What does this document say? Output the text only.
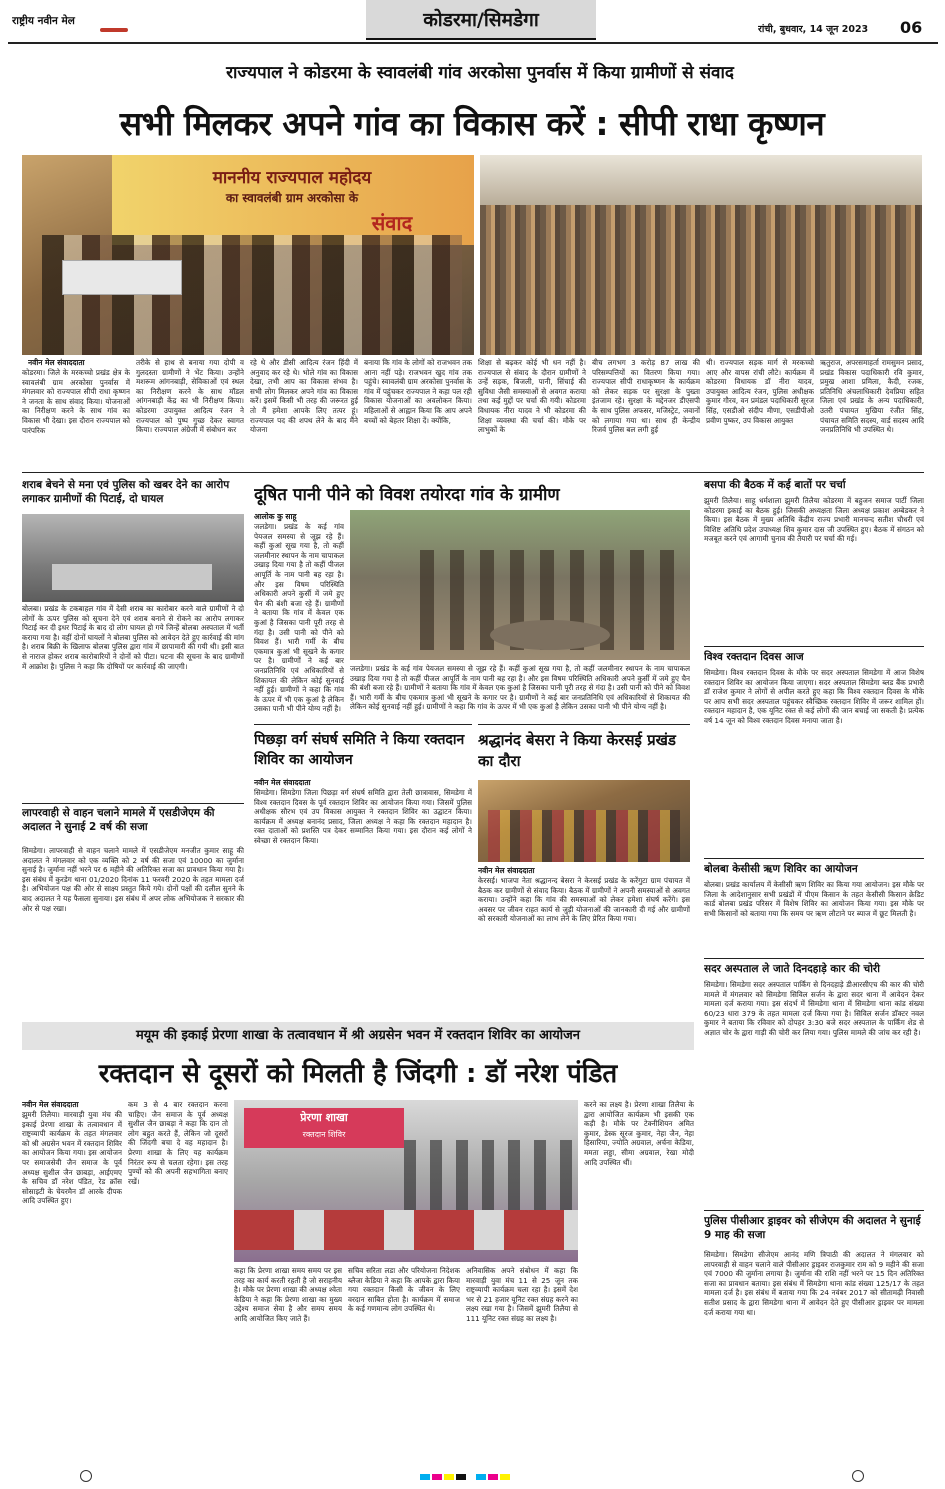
राष्ट्रीय नवीन मेल	कोडरमा/सिमडेगा	रांची, बुधवार, 14 जून 2023	06
राज्यपाल ने कोडरमा के स्वावलंबी गांव अरकोसा पुनर्वास में किया ग्रामीणों से संवाद
सभी मिलकर अपने गांव का विकास करें : सीपी राधा कृष्णन
माननीय राज्यपाल महोदय
का स्वावलंबी ग्राम अरकोसा के
संवाद
नवीन मेल संवाददाता
कोडरमा। जिले के मरकच्चो प्रखंड क्षेत्र के स्वावलंबी ग्राम अरकोसा पुनर्वास में मंगलवार को राज्यपाल सीपी राधा कृष्णन ने जनता के साथ संवाद किया। योजनाओं का निरीक्षण करने के साथ गांव का विकास भी देखा। इस दौरान राज्यपाल को पारंपरिक
तरीके से हाथ से बनाया गया दोपी व गुलदस्ता ग्रामीणों ने भेंट किया। उन्होंने मशरूम आंगनबाड़ी, सेविकाओं एवं स्थल का निरीक्षण करने के साथ मॉडल आंगनबाड़ी केंद्र का भी निरीक्षण किया। कोडरमा उपायुक्त आदित्य रंजन ने राज्यपाल को पुष्प गुच्छ देकर स्वागत किया। राज्यपाल अंग्रेजी में संबोधन कर
रहे थे और डीसी आदित्य रंजन हिंदी में अनुवाद कर रहे थे। भोले गांव का विकास देखा, तभी आप का विकास संभव है। सभी लोग मिलकर अपने गांव का विकास करें। इसमें किसी भी तरह की जरूरत हुई तो मैं हमेशा आपके लिए तत्पर हूं। राज्यपाल पद की शपथ लेने के बाद मैंने योजना
बनाया कि गांव के लोगों को राजभवन तक आना नहीं पड़े। राजभवन खुद गांव तक पहुंचे। स्वावलंबी ग्राम अरकोसा पुनर्वास के गांव में पहुंचकर राज्यपाल ने कहा पल रही विकास योजनाओं का अवलोकन किया। महिलाओं से आह्वान किया कि आप अपने बच्चों को बेहतर शिक्षा दें। क्योंकि,
शिक्षा से बढ़कर कोई भी धन नहीं है। राज्यपाल से संवाद के दौरान ग्रामीणों ने उन्हें सड़क, बिजली, पानी, सिंचाई की सुविधा जैसी समस्याओं से अवगत कराया तथा कई मुद्दों पर चर्चा की गयी। कोडरमा विधायक नीरा यादव ने भी कोडरमा की शिक्षा व्यवस्था की चर्चा की। मौके पर लाभुकों के
बीच लगभग 3 करोड़ 87 लाख की परिसम्पत्तियों का वितरण किया गया। राज्यपाल सीपी राधाकृष्णन के कार्यक्रम को लेकर सड़क पर सुरक्षा के पुख्ता इंतजाम रहे। सुरक्षा के मद्देनजर डीएसपी के साथ पुलिस अफसर, मजिस्ट्रेट, जवानों को लगाया गया था। साथ ही केन्द्रीय रिजर्व पुलिस बल लगी हुई
थी। राज्यपाल सड़क मार्ग से मरकच्चो आए और वापस रांची लौटे। कार्यक्रम में कोडरमा विधायक डॉ नीरा यादव, उपायुक्त आदित्य रंजन, पुलिस अधीक्षक कुमार गौरव, वन प्रमंडल पदाधिकारी सूरज सिंह, एसडीओ संदीप मीणा, एसडीपीओ प्रवीण पुष्कर, उप विकास आयुक्त
ऋतुराज, अपरसमाहर्ता रामसुमन प्रसाद, प्रखंड विकास पदाधिकारी रवि कुमार, प्रमुख आशा प्रमिला, कैदी, रजक, प्रतिनिधि अंचलाधिकारी देवप्रिया सहित जिला एवं प्रखंड के अन्य पदाधिकारी, उतरी पंचायत मुखिया रंजीत सिंह, पंचायत समिति सदस्य, वार्ड सदस्य आदि जनप्रतिनिधि भी उपस्थित थे।
शराब बेचने से मना एवं पुलिस को खबर देने का आरोप लगाकर ग्रामीणों की पिटाई, दो घायल
बोलबा। प्रखंड के टकबाहल गांव में देसी शराब का कारोबार करने वाले ग्रामीणों ने दो लोगों के ऊपर पुलिस को सूचना देने एवं शराब बनाने से रोकने का आरोप लगाकर पिटाई कर दी इधर पिटाई के बाद दो लोग घायल हो गये जिन्हें बोलबा अस्पताल में भर्ती कराया गया है। वहीं दोनों घायलों ने बोलबा पुलिस को आवेदन देते हुए कार्रवाई की मांग है। शराब बिक्री के खिलाफ बोलबा पुलिस द्वारा गांव में छापामारी की गयी थी। इसी बात से नाराज होकर शराब कारोबारियों ने दोनों को पीटा। घटना की सूचना के बाद ग्रामीणों में आक्रोश है। पुलिस ने कहा कि दोषियों पर कार्रवाई की जाएगी।
लापरवाही से वाहन चलाने मामले में एसडीजेएम की अदालत ने सुनाई 2 वर्ष की सजा
सिमडेगा। लापरवाही से वाहन चलाने मामले में एसडीजेएम मनजीत कुमार साहू की अदालत ने मंगलवार को एक व्यक्ति को 2 वर्ष की सजा एवं 10000 का जुर्माना सुनाई है। जुर्माना नहीं भरने पर 6 महीने की अतिरिक्त सजा का प्रावधान किया गया है। इस संबंध में कुरडेग थाना 01/2020 दिनांक 11 फरवरी 2020 के तहत मामला दर्ज है। अभियोजन पक्ष की ओर से साक्ष्य प्रस्तुत किये गये। दोनों पक्षों की दलील सुनने के बाद अदालत ने यह फैसला सुनाया। इस संबंध में अपर लोक अभियोजक ने सरकार की ओर से पक्ष रखा।
दूषित पानी पीने को विवश तयोरदा गांव के ग्रामीण
आलोक कु साहू
जलडेगा। प्रखंड के कई गांव पेयजल समस्या से जूझ रहे हैं। कहीं कुआं सूख गया है, तो कहीं जलमीनार स्थापन के नाम चापाकल उखाड़ दिया गया है तो कहीं पीजल आपूर्ति के नाम पानी बह रहा है। और इस विषम परिस्थिति अधिकारी अपने कुर्सी में जमे हुए चैन की बंशी बजा रहे हैं। ग्रामीणों ने बताया कि गांव में केवल एक कुआं है जिसका पानी पूरी तरह से गंदा है। उसी पानी को पीने को विवश हैं। भारी गर्मी के बीच एकमात्र कुआं भी सूखने के कगार पर है। ग्रामीणों ने कई बार जनप्रतिनिधि एवं अधिकारियों से शिकायत की लेकिन कोई सुनवाई नहीं हुई। ग्रामीणों ने कहा कि गांव के ऊपर में भी एक कुआं है लेकिन उसका पानी भी पीने योग्य नहीं है।
जलडेगा। प्रखंड के कई गांव पेयजल समस्या से जूझ रहे हैं। कहीं कुआं सूख गया है, तो कहीं जलमीनार स्थापन के नाम चापाकल उखाड़ दिया गया है तो कहीं पीजल आपूर्ति के नाम पानी बह रहा है। और इस विषम परिस्थिति अधिकारी अपने कुर्सी में जमे हुए चैन की बंशी बजा रहे हैं। ग्रामीणों ने बताया कि गांव में केवल एक कुआं है जिसका पानी पूरी तरह से गंदा है। उसी पानी को पीने को विवश हैं। भारी गर्मी के बीच एकमात्र कुआं भी सूखने के कगार पर है। ग्रामीणों ने कई बार जनप्रतिनिधि एवं अधिकारियों से शिकायत की लेकिन कोई सुनवाई नहीं हुई। ग्रामीणों ने कहा कि गांव के ऊपर में भी एक कुआं है लेकिन उसका पानी भी पीने योग्य नहीं है।
पिछड़ा वर्ग संघर्ष समिति ने किया रक्तदान शिविर का आयोजन
नवीन मेल संवाददाता
सिमडेगा। सिमडेगा जिला पिछड़ा वर्ग संघर्ष समिति द्वारा तेली छात्रावास, सिमडेगा में विश्व रक्तदान दिवस के पूर्व रक्तदान शिविर का आयोजन किया गया। जिसमें पुलिस अधीक्षक सौरभ एवं उप विकास आयुक्त ने रक्तदान शिविर का उद्घाटन किया। कार्यक्रम में अध्यक्ष बनानंद प्रसाद, जिला अध्यक्ष ने कहा कि रक्तदान महादान है। रक्त दाताओं को प्रशस्ति पत्र देकर सम्मानित किया गया। इस दौरान कई लोगों ने स्वेच्छा से रक्तदान किया।
श्रद्धानंद बेसरा ने किया केरसई प्रखंड का दौरा
नवीन मेल संवाददाता
केरसई। भाजपा नेता श्रद्धानन्द बेसरा ने केरसई प्रखंड के करेंगुटा ग्राम पंचायत में बैठक कर ग्रामीणों से संवाद किया। बैठक में ग्रामीणों ने अपनी समस्याओं से अवगत कराया। उन्होंने कहा कि गांव की समस्याओं को लेकर हमेशा संघर्ष करेंगे। इस अवसर पर जीवन राहत कार्य से जुड़ी योजनाओं की जानकारी दी गई और ग्रामीणों को सरकारी योजनाओं का लाभ लेने के लिए प्रेरित किया गया।
बसपा की बैठक में कई बातों पर चर्चा
झुमरी तिलैया। साहू धर्मशाला झुमरी तिलैया कोडरमा में बहुजन समाज पार्टी जिला कोडरमा इकाई का बैठक हुई। जिसकी अध्यक्षता जिला अध्यक्ष प्रकाश अम्बेडकर ने किया। इस बैठक में मुख्य अतिथि केंद्रीय राज्य प्रभारी मानचन्द सतीश चौधरी एवं विशिष्ट अतिथि प्रदेश उपाध्यक्ष शिव कुमार दास जी उपस्थित हुए। बैठक में संगठन को मजबूत करने एवं आगामी चुनाव की तैयारी पर चर्चा की गई।
विश्व रक्तदान दिवस आज
सिमडेगा। विश्व रक्तदान दिवस के मौके पर सदर अस्पताल सिमडेगा में आज विशेष रक्तदान शिविर का आयोजन किया जाएगा। सदर अस्पताल सिमडेगा ब्लड बैंक प्रभारी डॉ राजेश कुमार ने लोगों से अपील करते हुए कहा कि विश्व रक्तदान दिवस के मौके पर आप सभी सदर अस्पताल पहुंचकर स्वैच्छिक रक्तदान शिविर में जरूर शामिल हों। रक्तदान महादान है, एक यूनिट रक्त से कई लोगों की जान बचाई जा सकती है। प्रत्येक वर्ष 14 जून को विश्व रक्तदान दिवस मनाया जाता है।
बोलबा केसीसी ऋण शिविर का आयोजन
बोलबा। प्रखंड कार्यालय में केसीसी ऋण शिविर का किया गया आयोजन। इस मौके पर जिला के आदेशानुसार सभी प्रखंडों में पीएम किसान के तहत केसीसी किसान क्रेडिट कार्ड बोलबा प्रखंड परिसर में विशेष शिविर का आयोजन किया गया। इस मौके पर सभी किसानों को बताया गया कि समय पर ऋण लौटाने पर ब्याज में छूट मिलती है।
सदर अस्पताल ले जाते दिनदहाड़े कार की चोरी
सिमडेगा। सिमडेगा सदर अस्पताल पार्किंग से दिनदहाड़े डीआरसीएच की कार की चोरी मामले में मंगलवार को सिमडेगा सिविल सर्जन के द्वारा सदर थाना में आवेदन देकर मामला दर्ज कराया गया। इस संदर्भ में सिमडेगा थाना में सिमडेगा थाना कांड संख्या 60/23 धारा 379 के तहत मामला दर्ज किया गया है। सिविल सर्जन डॉक्टर नवल कुमार ने बताया कि रविवार को दोपहर 3:30 बजे सदर अस्पताल के पार्किंग शेड से अज्ञात चोर के द्वारा गाड़ी की चोरी कर लिया गया। पुलिस मामले की जांच कर रही है।
पुलिस पीसीआर ड्राइवर को सीजेएम की अदालत ने सुनाई 9 माह की सजा
सिमडेगा। सिमडेगा सीजेएम आनंद मणि त्रिपाठी की अदालत ने मंगलवार को लापरवाही से वाहन चलाने वाले पीसीआर ड्राइवर राजकुमार राम को 9 महीने की सजा एवं 7000 की जुर्माना लगाया है। जुर्माना की राशि नहीं भरने पर 15 दिन अतिरिक्त सजा का प्रावधान बताया। इस संबंध में सिमडेगा थाना कांड संख्या 125/17 के तहत मामला दर्ज है। इस संबंध में बताया गया कि 24 नवंबर 2017 को सीतामढ़ी निवासी सतीश प्रसाद के द्वारा सिमडेगा थाना में आवेदन देते हुए पीसीआर ड्राइवर पर मामला दर्ज कराया गया था।
मयूम की इकाई प्रेरणा शाखा के तत्वावधान में श्री अग्रसेन भवन में रक्तदान शिविर का आयोजन
रक्तदान से दूसरों को मिलती है जिंदगी : डॉ नरेश पंडित
नवीन मेल संवाददाता
झुमरी तिलैया। मारवाड़ी युवा मंच की इकाई प्रेरणा शाखा के तत्वावधान में राष्ट्रव्यापी कार्यक्रम के तहत मंगलवार को श्री अग्रसेन भवन में रक्तदान शिविर का आयोजन किया गया। इस आयोजन पर समाजसेवी जैन समाज के पूर्व अध्यक्ष सुशील जैन छाबड़ा, आईएमए के सचिव डॉ नरेश पंडित, रेड क्रॉस सोसाइटी के चेयरमैन डॉ आरके दीपक आदि उपस्थित हुए।
कम 3 से 4 बार रक्तदान करना चाहिए। जैन समाज के पूर्व अध्यक्ष सुशील जैन छाबड़ा ने कहा कि दान तो लोग बहुत करते हैं, लेकिन जो दूसरों की जिंदगी बचा दे वह महादान है। प्रेरणा शाखा के लिए यह कार्यक्रम निरंतर रूप से चलता रहेगा। इस तरह पुण्यों को की अपनी सहभागिता बनाए रखें।
प्रेरणा शाखा
रक्तदान शिविर
कहा कि प्रेरणा शाखा समय समय पर इस तरह का कार्य करती रहती है जो सराहनीय है। मौके पर प्रेरणा शाखा की अध्यक्ष श्वेता केडिया ने कहा कि प्रेरणा शाखा का मुख्य उद्देश्य समाज सेवा है और समय समय आदि आयोजित किए जाते हैं।
सचिव सरिता लडा और परियोजना निदेशक ब्लैजा केडिया ने कहा कि आपके द्वारा किया गया रक्तदान किसी के जीवन के लिए वरदान साबित होता है। कार्यक्रम में समाज के कई गणमान्य लोग उपस्थित थे।
अनिवासिक अपने संबोधन में कहा कि मारवाड़ी युवा मंच 11 से 25 जून तक राष्ट्रव्यापी कार्यक्रम चला रहा है। इसमें देश भर से 21 हजार यूनिट रक्त संग्रह करने का लक्ष्य रखा गया है। जिसमें झुमरी तिलैया से 111 यूनिट रक्त संग्रह का लक्ष्य है।
करने का लक्ष्य है। प्रेरणा शाखा तिलैया के द्वारा आयोजित कार्यक्रम भी इसकी एक कड़ी है। मौके पर टेक्नीशियन अमित कुमार, डेस्क सूरज कुमार, नेहा जैन, नेहा हिसारिया, ज्योति अग्रवाल, अर्चना केडिया, ममता लड्डा, सीमा अग्रवाल, रेखा मोदी आदि उपस्थित थीं।
